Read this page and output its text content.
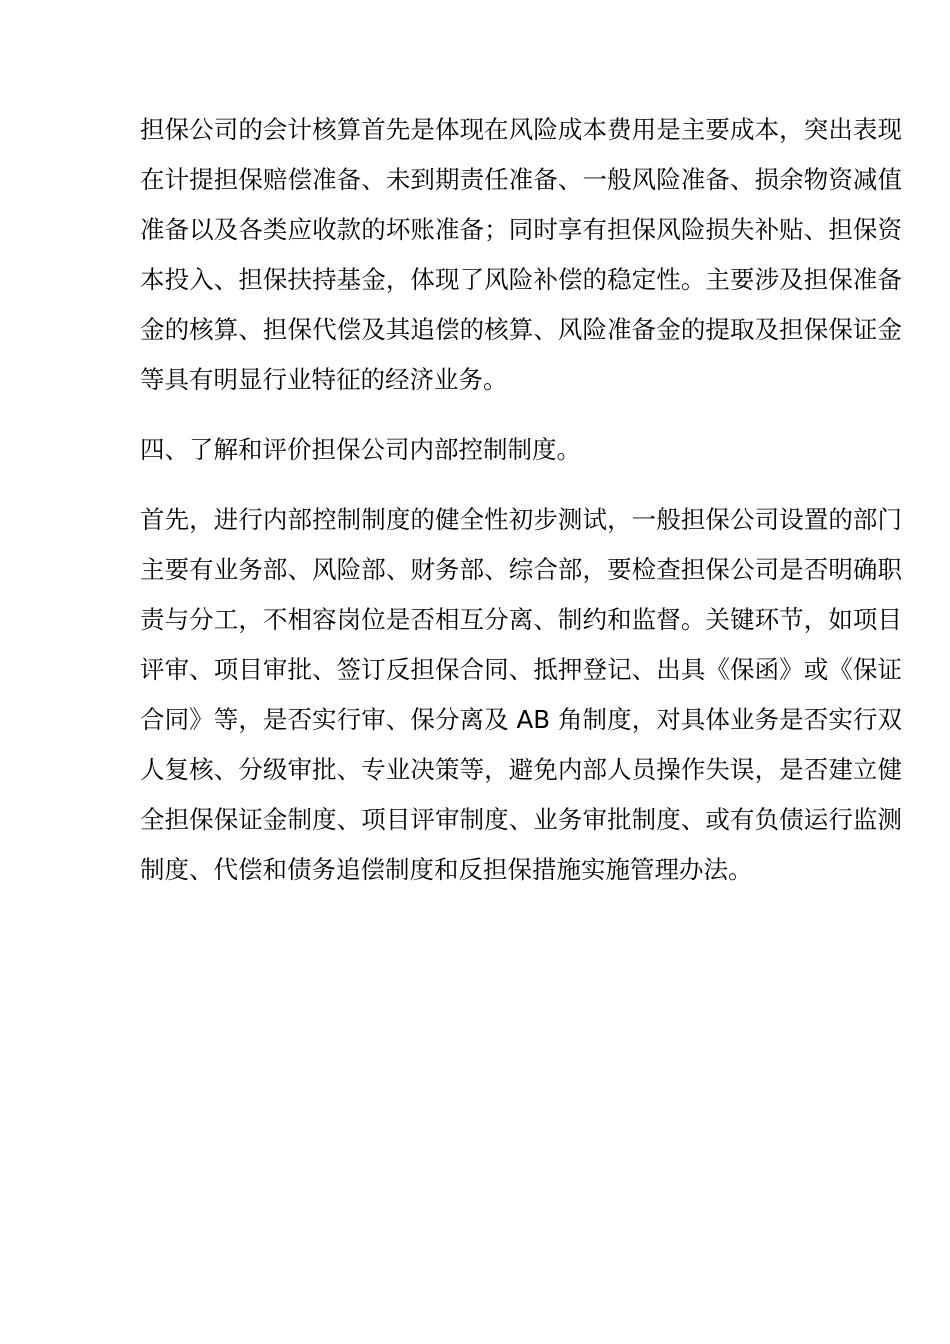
担保公司的会计核算首先是体现在风险成本费用是主要成本，突出表现
在计提担保赔偿准备、未到期责任准备、一般风险准备、损余物资减值
准备以及各类应收款的坏账准备；同时享有担保风险损失补贴、担保资
本投入、担保扶持基金，体现了风险补偿的稳定性。主要涉及担保准备
金的核算、担保代偿及其追偿的核算、风险准备金的提取及担保保证金
等具有明显行业特征的经济业务。
四、了解和评价担保公司内部控制制度。
首先，进行内部控制制度的健全性初步测试，一般担保公司设置的部门
主要有业务部、风险部、财务部、综合部，要检查担保公司是否明确职
责与分工，不相容岗位是否相互分离、制约和监督。关键环节，如项目
评审、项目审批、签订反担保合同、抵押登记、出具《保函》或《保证
合同》等，是否实行审、保分离及 AB 角制度，对具体业务是否实行双
人复核、分级审批、专业决策等，避免内部人员操作失误，是否建立健
全担保保证金制度、项目评审制度、业务审批制度、或有负债运行监测
制度、代偿和债务追偿制度和反担保措施实施管理办法。
